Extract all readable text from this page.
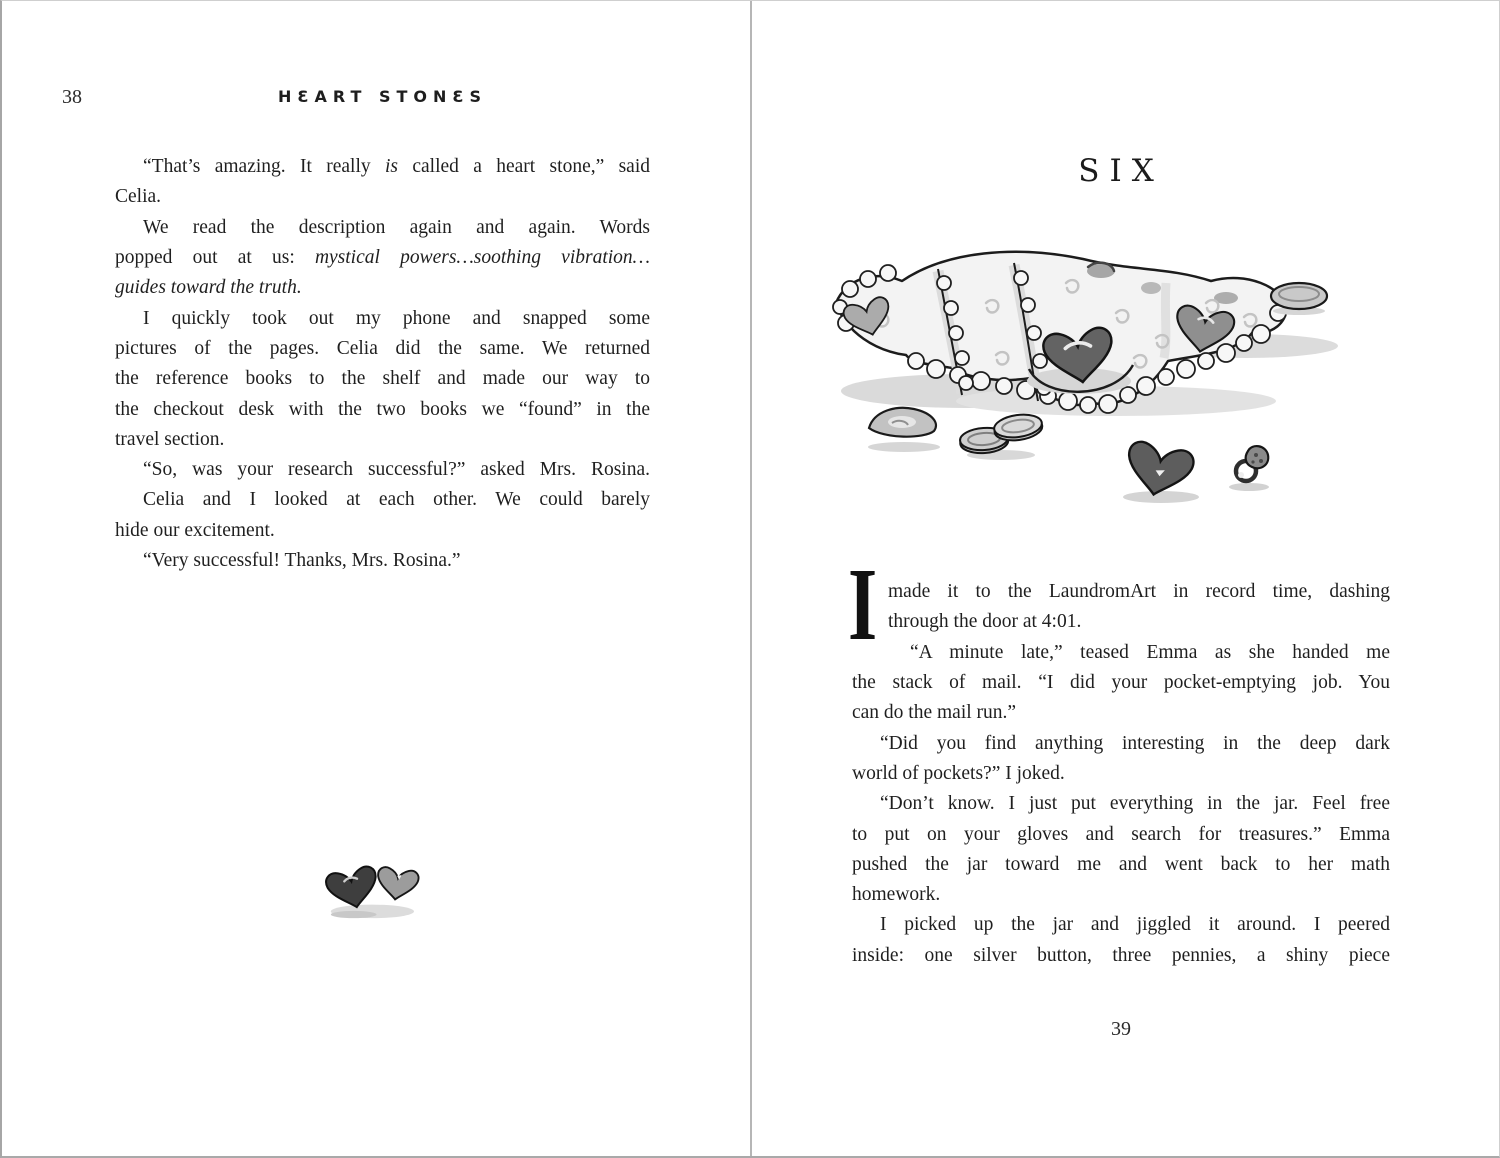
38	HƐART STONƐS
“That’s amazing. It really is called a heart stone,” said
Celia.
We read the description again and again. Words
popped out at us: mystical powers…soothing vibration…
guides toward the truth.
I quickly took out my phone and snapped some
pictures of the pages. Celia did the same. We returned
the reference books to the shelf and made our way to
the checkout desk with the two books we “found” in the
travel section.
“So, was your research successful?” asked Mrs. Rosina.
Celia and I looked at each other. We could barely
hide our excitement.
“Very successful! Thanks, Mrs. Rosina.”
SIX
I made it to the LaundromArt in record time, dashing
through the door at 4:01.
“A minute late,” teased Emma as she handed me
the stack of mail. “I did your pocket-emptying job. You
can do the mail run.”
“Did you find anything interesting in the deep dark
world of pockets?” I joked.
“Don’t know. I just put everything in the jar. Feel free
to put on your gloves and search for treasures.” Emma
pushed the jar toward me and went back to her math
homework.
I picked up the jar and jiggled it around. I peered
inside: one silver button, three pennies, a shiny piece
39
